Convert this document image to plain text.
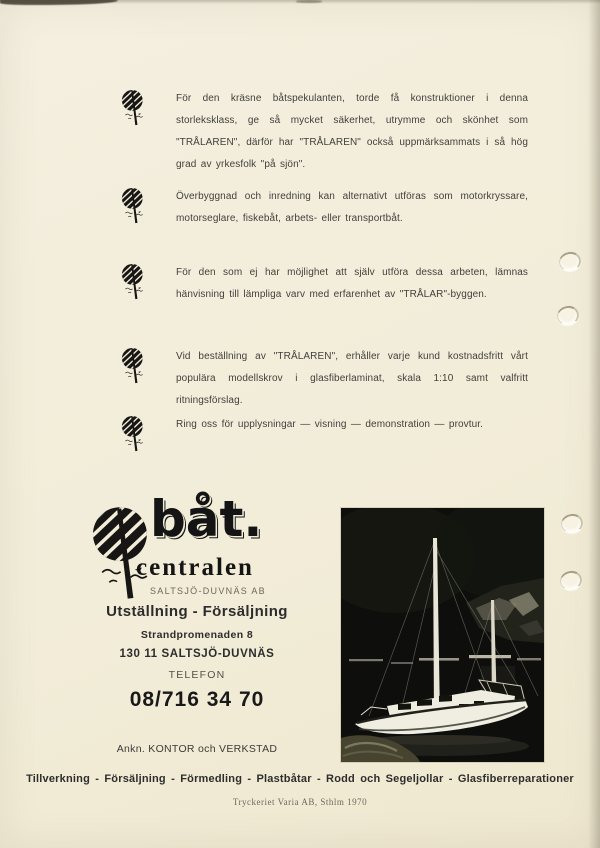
För den kräsne båtspekulanten, torde få konstruktioner i denna storleksklass, ge så mycket säkerhet, utrymme och skönhet som "TRÅLAREN", därför har "TRÅLAREN" också uppmärksammats i så hög grad av yrkesfolk "på sjön".

Överbyggnad och inredning kan alternativt utföras som motorkryssare, motorseglare, fiskebåt, arbets- eller transportbåt.

För den som ej har möjlighet att själv utföra dessa arbeten, lämnas hänvisning till lämpliga varv med erfarenhet av "TRÅLAR"-byggen.

Vid beställning av "TRÅLAREN", erhåller varje kund kostnadsfritt vårt populära modellskrov i glasfiberlaminat, skala 1:10 samt valfritt ritningsförslag.

Ring oss för upplysningar — visning — demonstration — provtur.

båt.
centralen
SALTSJÖ-DUVNÄS AB
Utställning - Försäljning
Strandpromenaden 8
130 11 SALTSJÖ-DUVNÄS
TELEFON
08/716 34 70
Ankn. KONTOR och VERKSTAD
Tillverkning - Försäljning - Förmedling - Plastbåtar - Rodd och Segeljollar - Glasfiberreparationer
Tryckeriet Varia AB, Sthlm 1970
